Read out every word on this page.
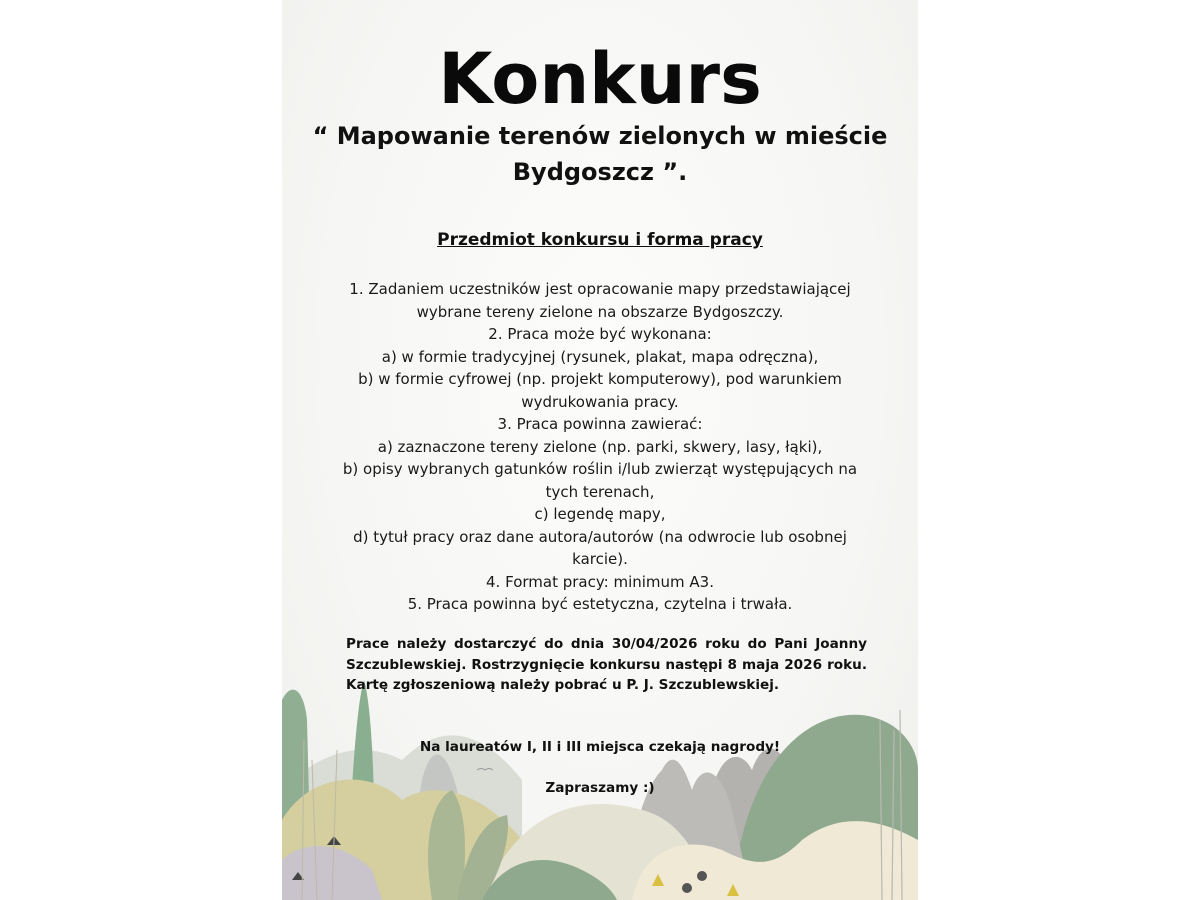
Konkurs
“ Mapowanie terenów zielonych w mieście Bydgoszcz ”.
Przedmiot konkursu i forma pracy
1. Zadaniem uczestników jest opracowanie mapy przedstawiającej wybrane tereny zielone na obszarze Bydgoszczy.
2. Praca może być wykonana:
a) w formie tradycyjnej (rysunek, plakat, mapa odręczna),
b) w formie cyfrowej (np. projekt komputerowy), pod warunkiem wydrukowania pracy.
3. Praca powinna zawierać:
a) zaznaczone tereny zielone (np. parki, skwery, lasy, łąki),
b) opisy wybranych gatunków roślin i/lub zwierząt występujących na tych terenach,
c) legendę mapy,
d) tytuł pracy oraz dane autora/autorów (na odwrocie lub osobnej karcie).
4. Format pracy: minimum A3.
5. Praca powinna być estetyczna, czytelna i trwała.
Prace należy dostarczyć do dnia 30/04/2026 roku do Pani Joanny Szczublewskiej. Rostrzygnięcie konkursu następi 8 maja 2026 roku. Kartę zgłoszeniową należy pobrać u P. J. Szczublewskiej.
Na laureatów I, II i III miejsca czekają nagrody!
Zapraszamy :)
